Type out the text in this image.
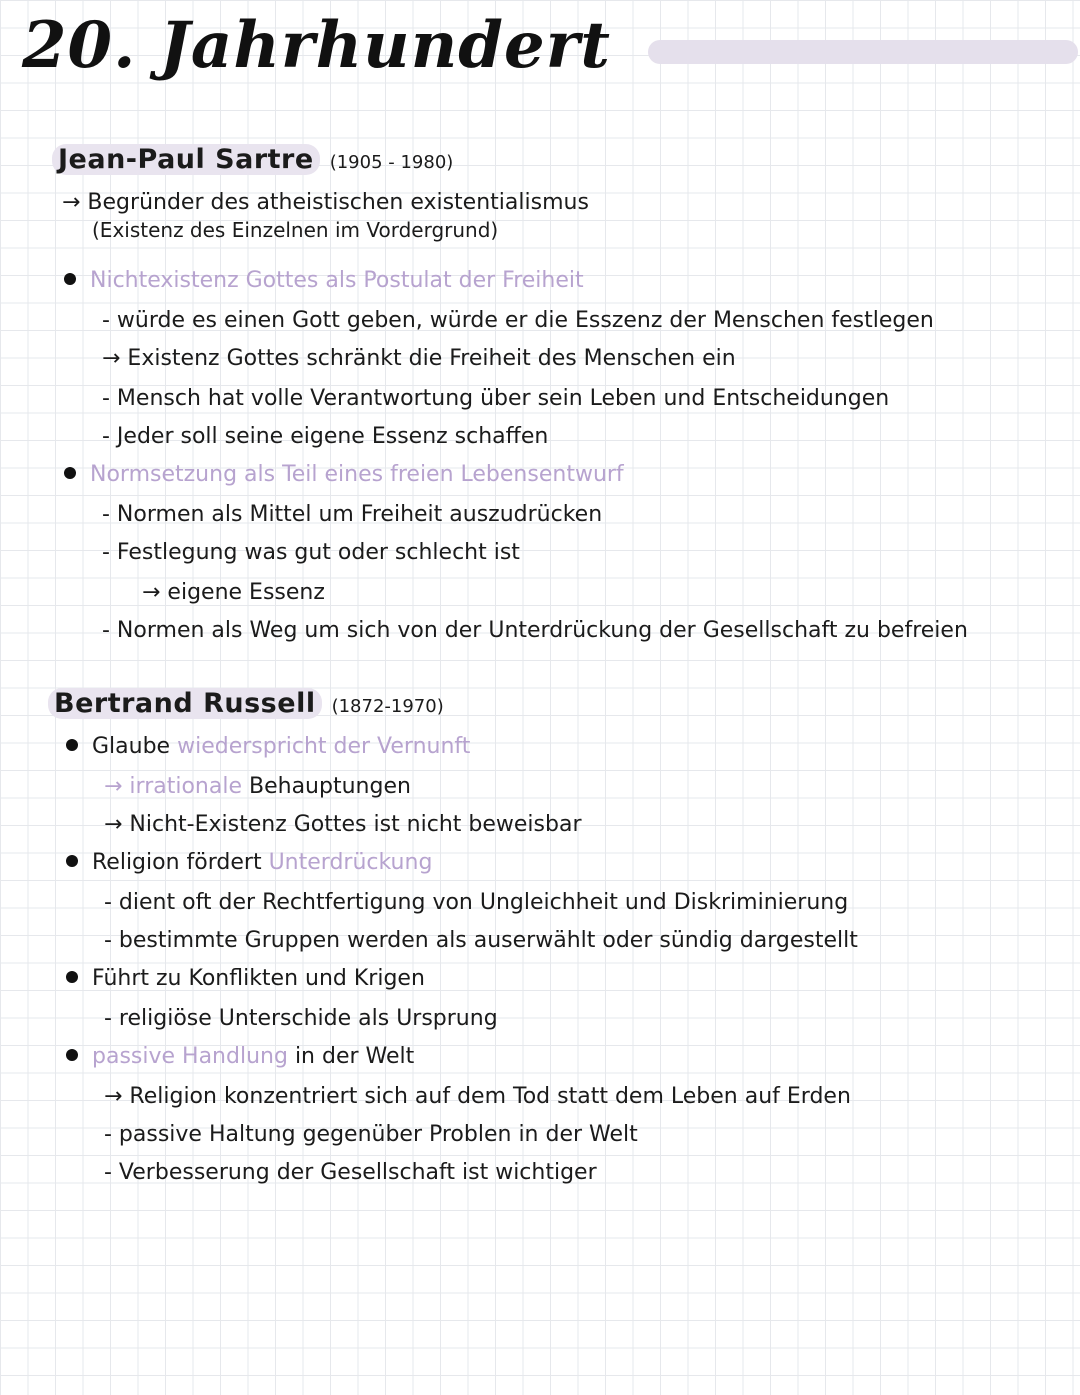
20. Jahrhundert
Jean-Paul Sartre (1905 - 1980)
→ Begründer des atheistischen existentialismus
(Existenz des Einzelnen im Vordergrund)
Nichtexistenz Gottes als Postulat der Freiheit
- würde es einen Gott geben, würde er die Esszenz der Menschen festlegen
→ Existenz Gottes schränkt die Freiheit des Menschen ein
- Mensch hat volle Verantwortung über sein Leben und Entscheidungen
- Jeder soll seine eigene Essenz schaffen
Normsetzung als Teil eines freien Lebensentwurf
- Normen als Mittel um Freiheit auszudrücken
- Festlegung was gut oder schlecht ist
→ eigene Essenz
- Normen als Weg um sich von der Unterdrückung der Gesellschaft zu befreien
Bertrand Russell (1872-1970)
Glaube wiederspricht der Vernunft
→ irrationale Behauptungen
→ Nicht-Existenz Gottes ist nicht beweisbar
Religion fördert Unterdrückung
- dient oft der Rechtfertigung von Ungleichheit und Diskriminierung
- bestimmte Gruppen werden als auserwählt oder sündig dargestellt
Führt zu Konflikten und Krigen
- religiöse Unterschide als Ursprung
passive Handlung in der Welt
→ Religion konzentriert sich auf dem Tod statt dem Leben auf Erden
- passive Haltung gegenüber Problen in der Welt
- Verbesserung der Gesellschaft ist wichtiger
